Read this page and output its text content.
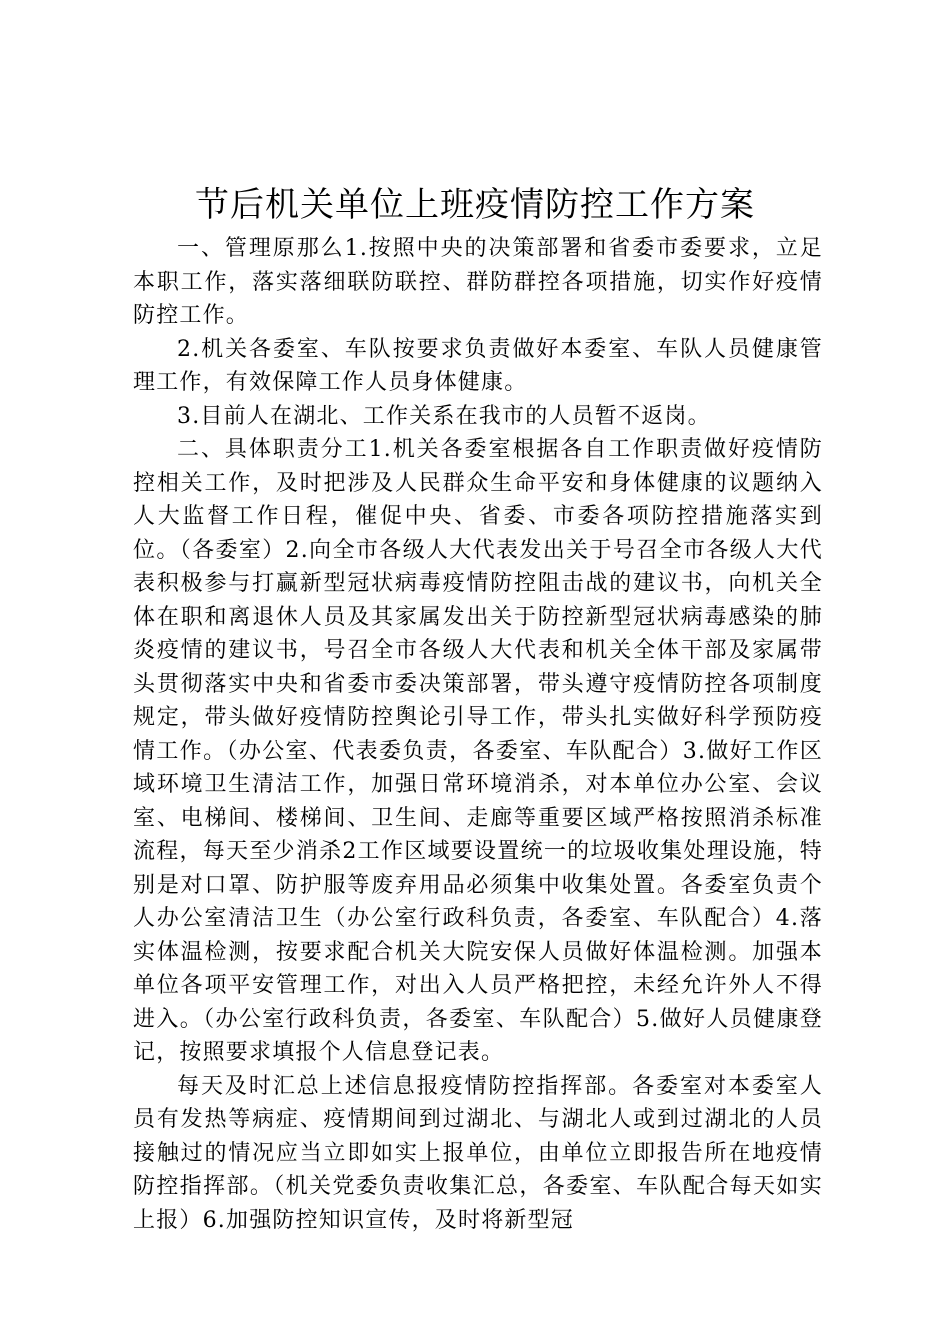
节后机关单位上班疫情防控工作方案

一、管理原那么1.按照中央的决策部署和省委市委要求，立足本职工作，落实落细联防联控、群防群控各项措施，切实作好疫情防控工作。

2.机关各委室、车队按要求负责做好本委室、车队人员健康管理工作，有效保障工作人员身体健康。

3.目前人在湖北、工作关系在我市的人员暂不返岗。

二、具体职责分工1.机关各委室根据各自工作职责做好疫情防控相关工作，及时把涉及人民群众生命平安和身体健康的议题纳入人大监督工作日程，催促中央、省委、市委各项防控措施落实到位。（各委室）2.向全市各级人大代表发出关于号召全市各级人大代表积极参与打赢新型冠状病毒疫情防控阻击战的建议书，向机关全体在职和离退休人员及其家属发出关于防控新型冠状病毒感染的肺炎疫情的建议书，号召全市各级人大代表和机关全体干部及家属带头贯彻落实中央和省委市委决策部署，带头遵守疫情防控各项制度规定，带头做好疫情防控舆论引导工作，带头扎实做好科学预防疫情工作。（办公室、代表委负责，各委室、车队配合）3.做好工作区域环境卫生清洁工作，加强日常环境消杀，对本单位办公室、会议室、电梯间、楼梯间、卫生间、走廊等重要区域严格按照消杀标准流程，每天至少消杀2工作区域要设置统一的垃圾收集处理设施，特别是对口罩、防护服等废弃用品必须集中收集处置。各委室负责个人办公室清洁卫生（办公室行政科负责，各委室、车队配合）4.落实体温检测，按要求配合机关大院安保人员做好体温检测。加强本单位各项平安管理工作，对出入人员严格把控，未经允许外人不得进入。（办公室行政科负责，各委室、车队配合）5.做好人员健康登记，按照要求填报个人信息登记表。

每天及时汇总上述信息报疫情防控指挥部。各委室对本委室人员有发热等病症、疫情期间到过湖北、与湖北人或到过湖北的人员接触过的情况应当立即如实上报单位，由单位立即报告所在地疫情防控指挥部。（机关党委负责收集汇总，各委室、车队配合每天如实上报）6.加强防控知识宣传，及时将新型冠
